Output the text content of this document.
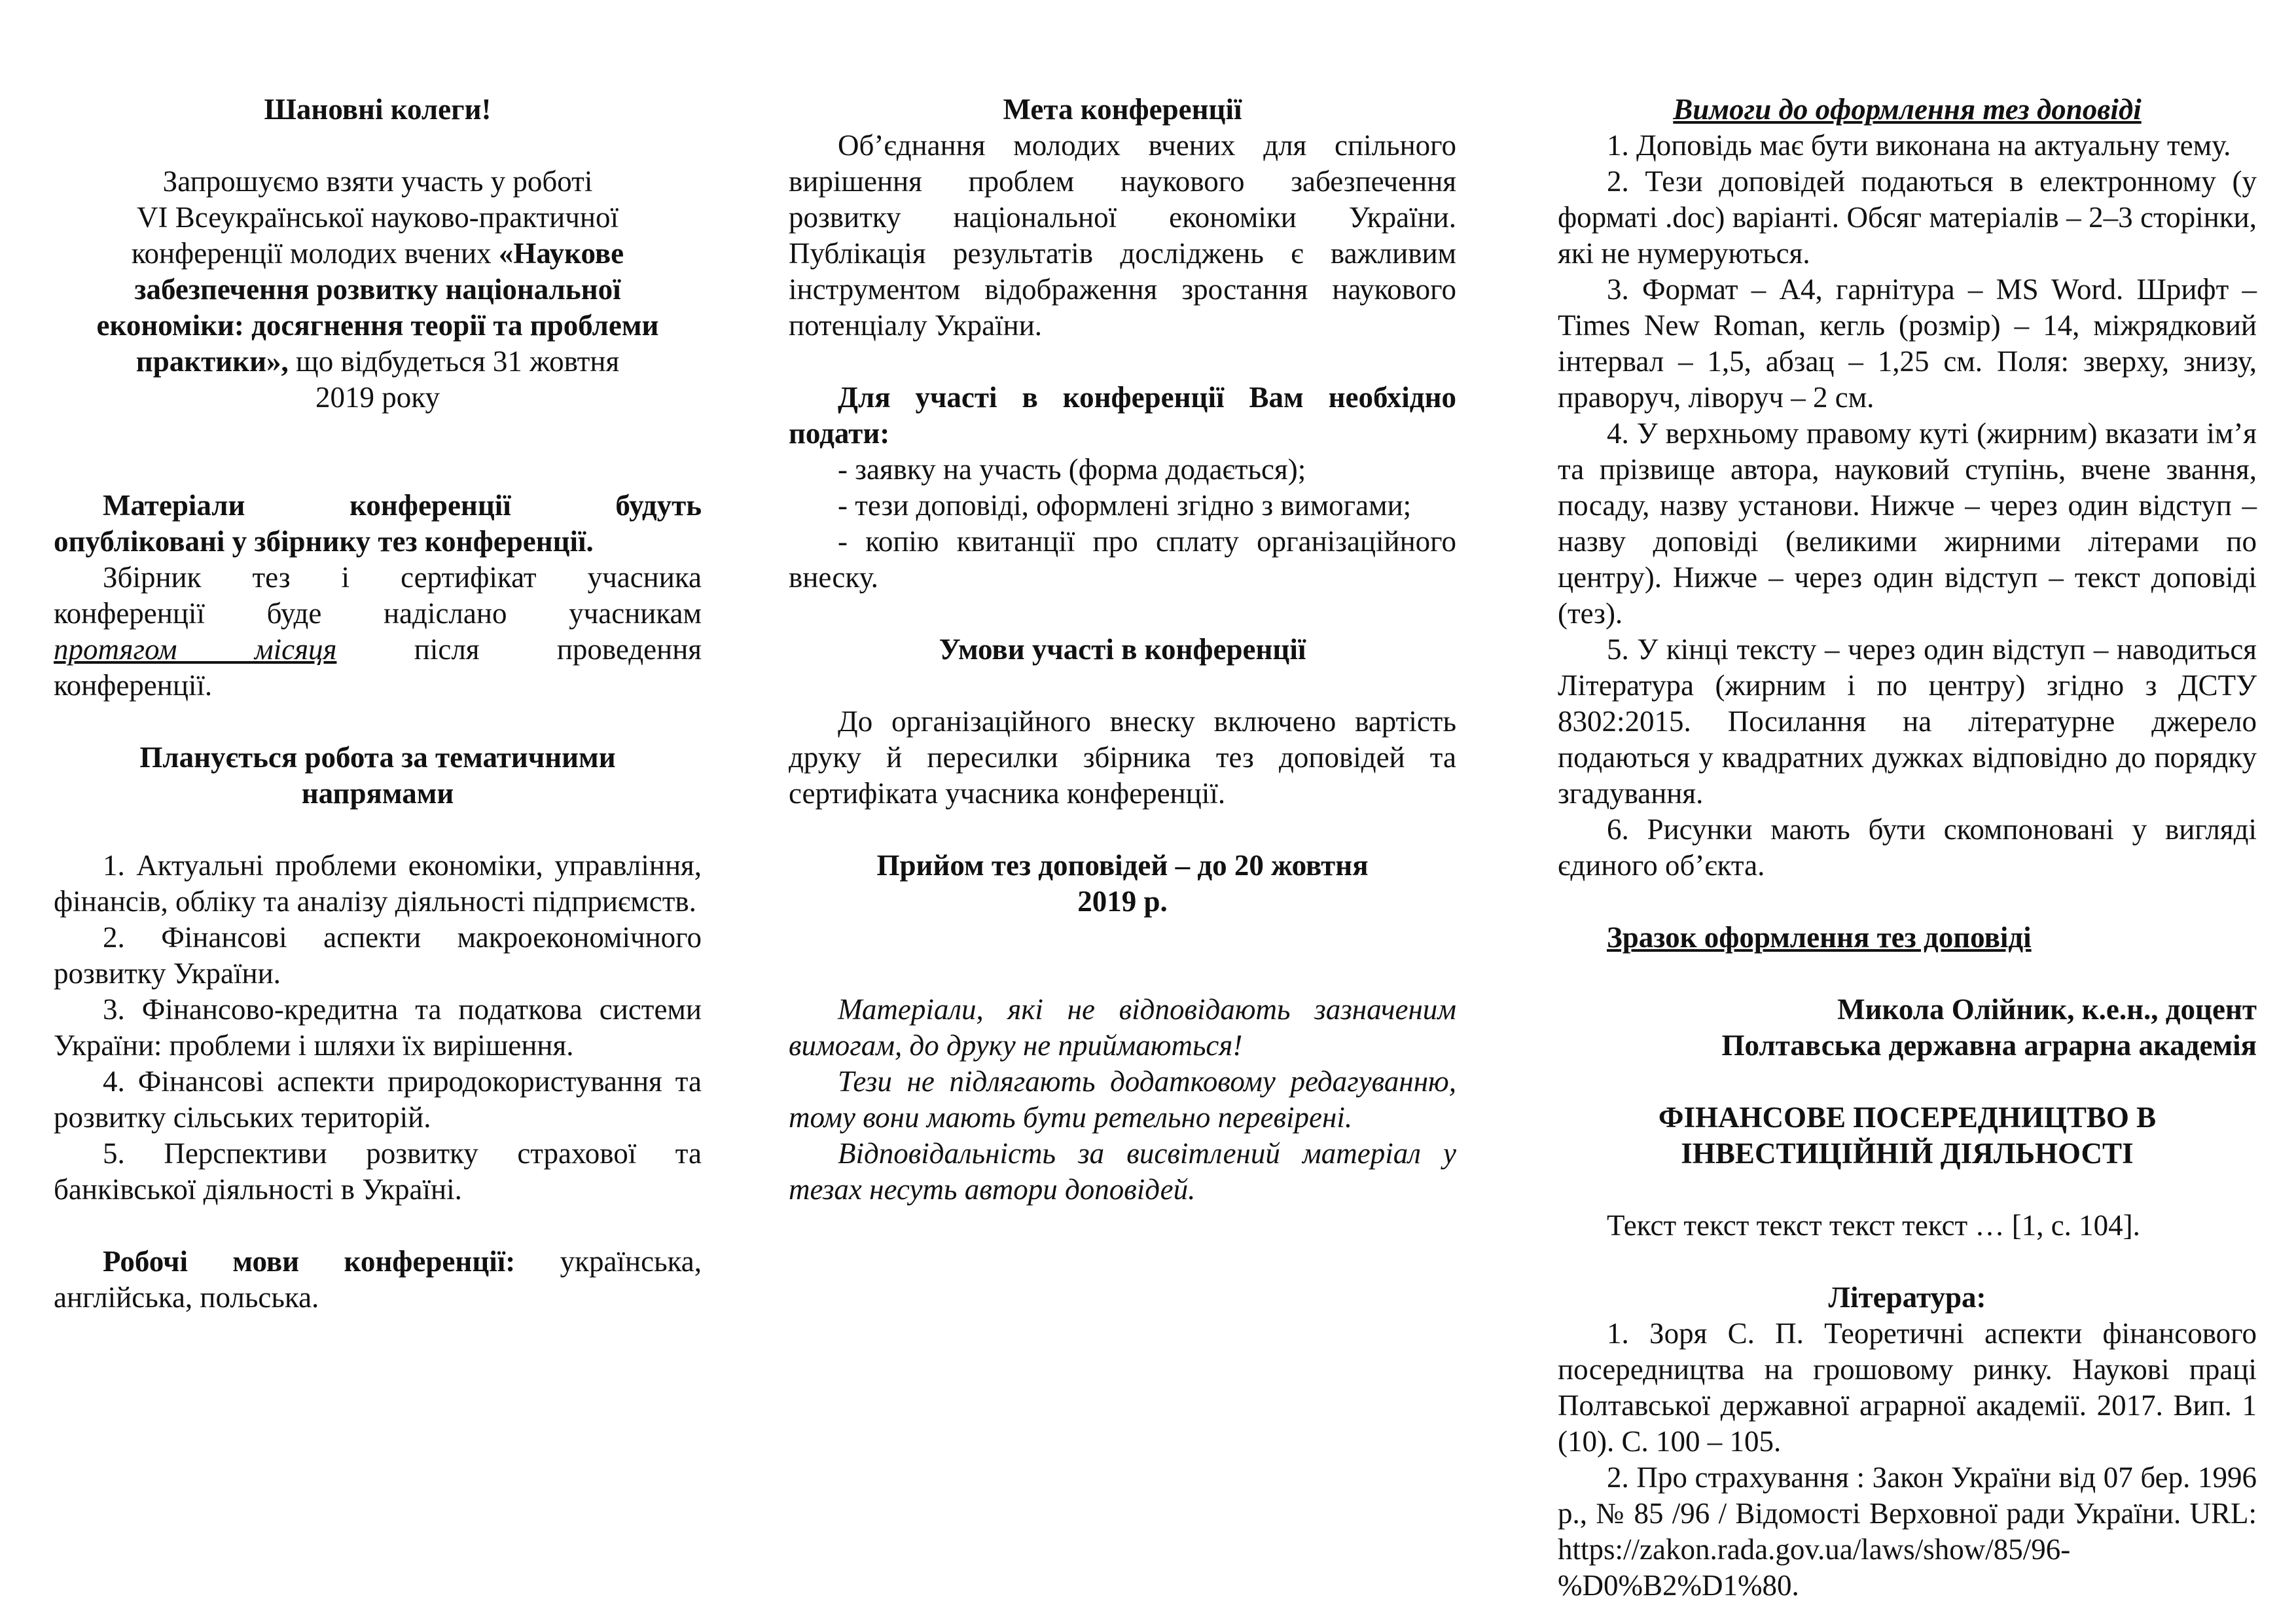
Шановні колеги!

Запрошуємо взяти участь у роботі

VI Всеукраїнської науково-практичної

конференції молодих вчених «Наукове

забезпечення розвитку національної

економіки: досягнення теорії та проблеми

практики», що відбудеться 31 жовтня

2019 року

Матеріали конференції будуть

опубліковані у збірнику тез конференції.

Збірник тез і сертифікат учасника

конференції буде надіслано учасникам

протягом місяця після проведення

конференції.

Планується робота за тематичними

напрямами

1. Актуальні проблеми економіки, управління, фінансів, обліку та аналізу діяльності підприємств.

2. Фінансові аспекти макроекономічного розвитку України.

3. Фінансово-кредитна та податкова системи України: проблеми і шляхи їх вирішення.

4. Фінансові аспекти природокористування та розвитку сільських територій.

5. Перспективи розвитку страхової та банківської діяльності в Україні.

Робочі мови конференції: українська, англійська, польська.

Мета конференції

Об’єднання молодих вчених для спільного вирішення проблем наукового забезпечення розвитку національної економіки України. Публікація результатів досліджень є важливим інструментом відображення зростання наукового потенціалу України.

Для участі в конференції Вам необхідно подати:

- заявку на участь (форма додається);

- тези доповіді, оформлені згідно з вимогами;

- копію квитанції про сплату організаційного внеску.

Умови участі в конференції

До організаційного внеску включено вартість друку й пересилки збірника тез доповідей та сертифіката учасника конференції.

Прийом тез доповідей – до 20 жовтня

2019 р.

Матеріали, які не відповідають зазначеним вимогам, до друку не приймаються!

Тези не підлягають додатковому редагуванню, тому вони мають бути ретельно перевірені.

Відповідальність за висвітлений матеріал у тезах несуть автори доповідей.

Вимоги до оформлення тез доповіді

1. Доповідь має бути виконана на актуальну тему.

2. Тези доповідей подаються в електронному (у форматі .doc) варіанті. Обсяг матеріалів – 2–3 сторінки, які не нумеруються.

3. Формат – А4, гарнітура – MS Word. Шрифт – Times New Roman, кегль (розмір) – 14, міжрядковий інтервал – 1,5, абзац – 1,25 см. Поля: зверху, знизу, праворуч, ліворуч – 2 см.

4. У верхньому правому куті (жирним) вказати ім’я та прізвище автора, науковий ступінь, вчене звання, посаду, назву установи. Нижче – через один відступ – назву доповіді (великими жирними літерами по центру). Нижче – через один відступ – текст доповіді (тез).

5. У кінці тексту – через один відступ – наводиться Література (жирним і по центру) згідно з ДСТУ 8302:2015. Посилання на літературне джерело подаються у квадратних дужках відповідно до порядку згадування.

6. Рисунки мають бути скомпоновані у вигляді єдиного об’єкта.

Зразок оформлення тез доповіді

Микола Олійник, к.е.н., доцент

Полтавська державна аграрна академія

ФІНАНСОВЕ ПОСЕРЕДНИЦТВО В

ІНВЕСТИЦІЙНІЙ ДІЯЛЬНОСТІ

Текст текст текст текст текст … [1, с. 104].

Література:

1. Зоря С. П. Теоретичні аспекти фінансового посередництва на грошовому ринку. Наукові праці Полтавської державної аграрної академії. 2017. Вип. 1 (10). С. 100 – 105.

2. Про страхування : Закон України від 07 бер. 1996 р., № 85 /96 / Відомості Верховної ради України. URL: https://zakon.rada.gov.ua/laws/show/85/96-%D0%B2%D1%80.
